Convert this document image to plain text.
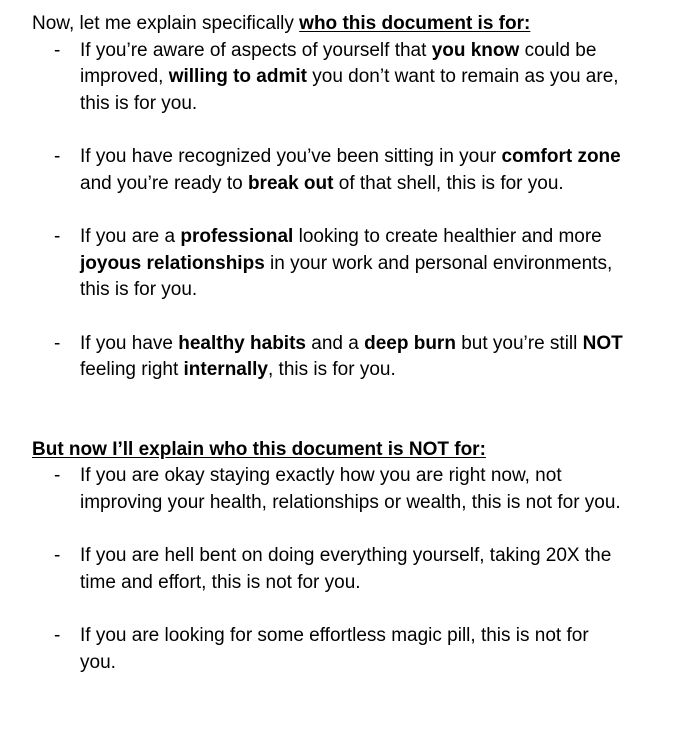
Now, let me explain specifically who this document is for:

- If you’re aware of aspects of yourself that you know could be
improved, willing to admit you don’t want to remain as you are,
this is for you.
- If you have recognized you’ve been sitting in your comfort zone
and you’re ready to break out of that shell, this is for you.
- If you are a professional looking to create healthier and more
joyous relationships in your work and personal environments,
this is for you.
- If you have healthy habits and a deep burn but you’re still NOT
feeling right internally, this is for you.

But now I’ll explain who this document is NOT for:

- If you are okay staying exactly how you are right now, not
improving your health, relationships or wealth, this is not for you.
- If you are hell bent on doing everything yourself, taking 20X the
time and effort, this is not for you.
- If you are looking for some effortless magic pill, this is not for
you.
